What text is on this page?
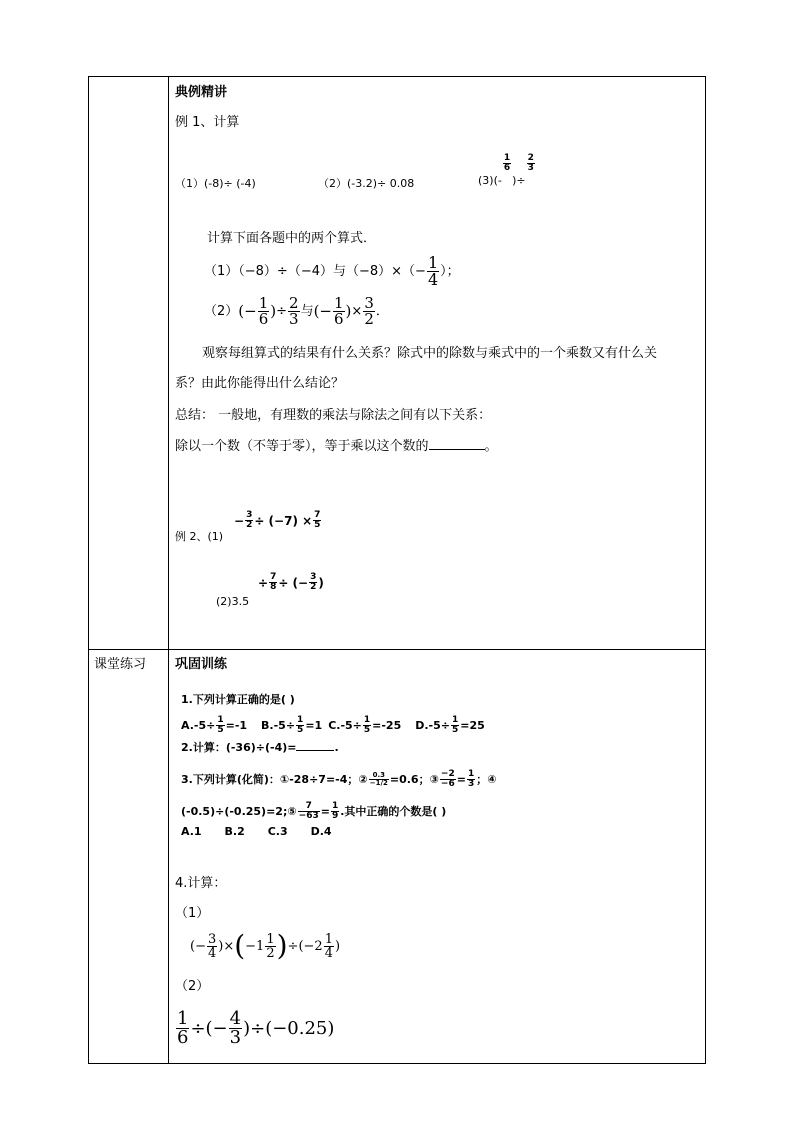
典例精讲
例 1、计算
（1）(-8)÷ (-4)	（2）(-3.2)÷ 0.08	(3)(-
$\frac{1}{6}$
)÷
$\frac{2}{3}$
计算下面各题中的两个算式．
（1）（−8）÷（−4）与$(-8)\times(- \frac{1}{4}$ ）；
（2） (− $\frac{1}{6}$ ) ÷ $\frac{2}{3}$ 与 (− $\frac{1}{6}$ ) × $\frac{3}{2}$ ．
观察每组算式的结果有什么关系？除式中的除数与乘式中的一个乘数又有什么关
系？由此你能得出什么结论？
总结： 一般地，有理数的乘法与除法之间有以下关系：
除以一个数（不等于零），等于乘以这个数的	。
例 2、(1)
− $\frac{3}{2} \div (-7) \times \frac{7}{5}$
(2)3.5
÷ $\frac{7}{8}$ ÷ (− $\frac{3}{2}$ )
课堂练习 巩固训练
1.下列计算正确的是( )
$A.-5\div \frac{1}{5} =-1$ $B.-5\div \frac{1}{5} =1$ $C.-5\div \frac{1}{5} =-25$ $D.-5\div \frac{1}{5} =25$
2.计算：(-36)÷(-4)=	.
3.下列计算(化简)：①-28÷7=-4；② $\frac{0.3}{-1/2} =0.6$；③ $\frac{-2}{-6} = \frac{1}{3}$ ；④
(-0.5)÷(-0.25)=2;⑤ $\frac{7}{-63} = \frac{1}{9}$ .其中正确的个数是( )
A.1      B.2      C.3      D.4
4.计算：
（1）
(− $\frac{3}{4}$ )× ( $-1 \frac{1}{2}$ ) $\div(-2 \frac{1}{4}$ )
（2）
$\frac{1}{6}$ ÷(− $\frac{4}{3} )\div(-0.25)$
